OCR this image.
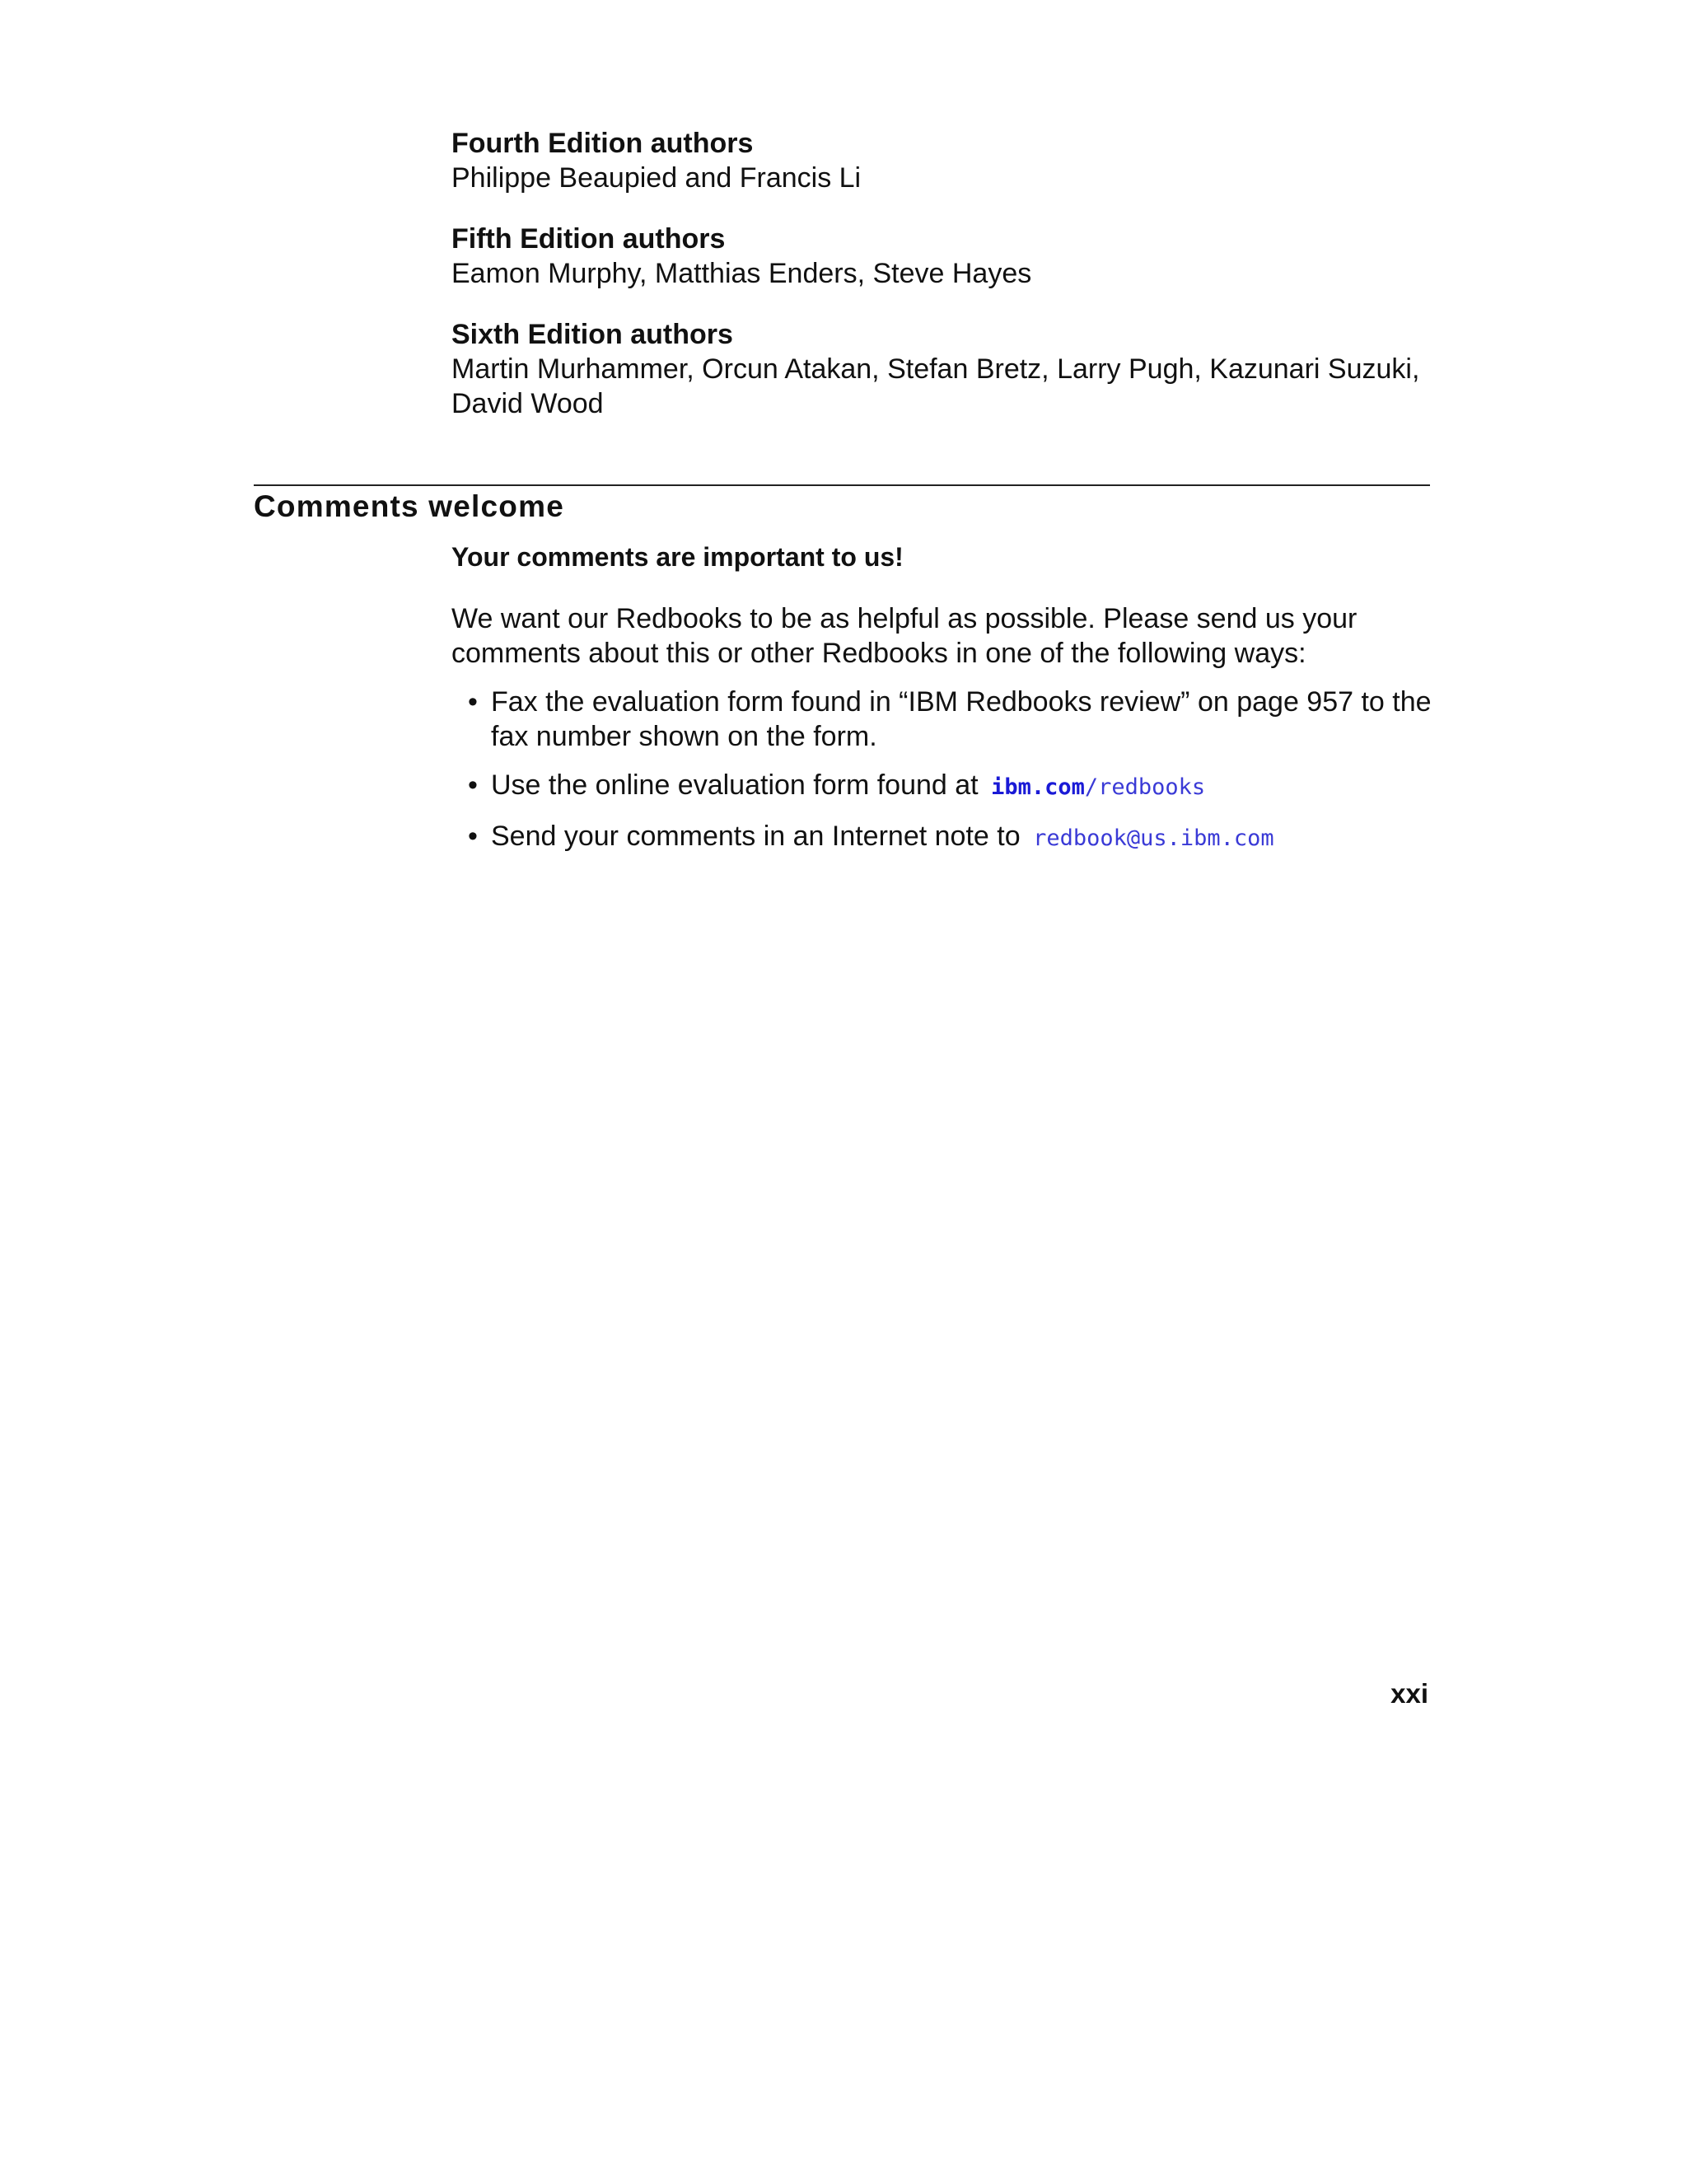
Fourth Edition authors

Philippe Beaupied and Francis Li

Fifth Edition authors

Eamon Murphy, Matthias Enders, Steve Hayes

Sixth Edition authors

Martin Murhammer, Orcun Atakan, Stefan Bretz, Larry Pugh, Kazunari Suzuki, David Wood

Comments welcome

Your comments are important to us!

We want our Redbooks to be as helpful as possible. Please send us your comments about this or other Redbooks in one of the following ways:

• Fax the evaluation form found in “IBM Redbooks review” on page 957 to the fax number shown on the form.
• Use the online evaluation form found at ibm.com/redbooks
• Send your comments in an Internet note to redbook@us.ibm.com

xxi
